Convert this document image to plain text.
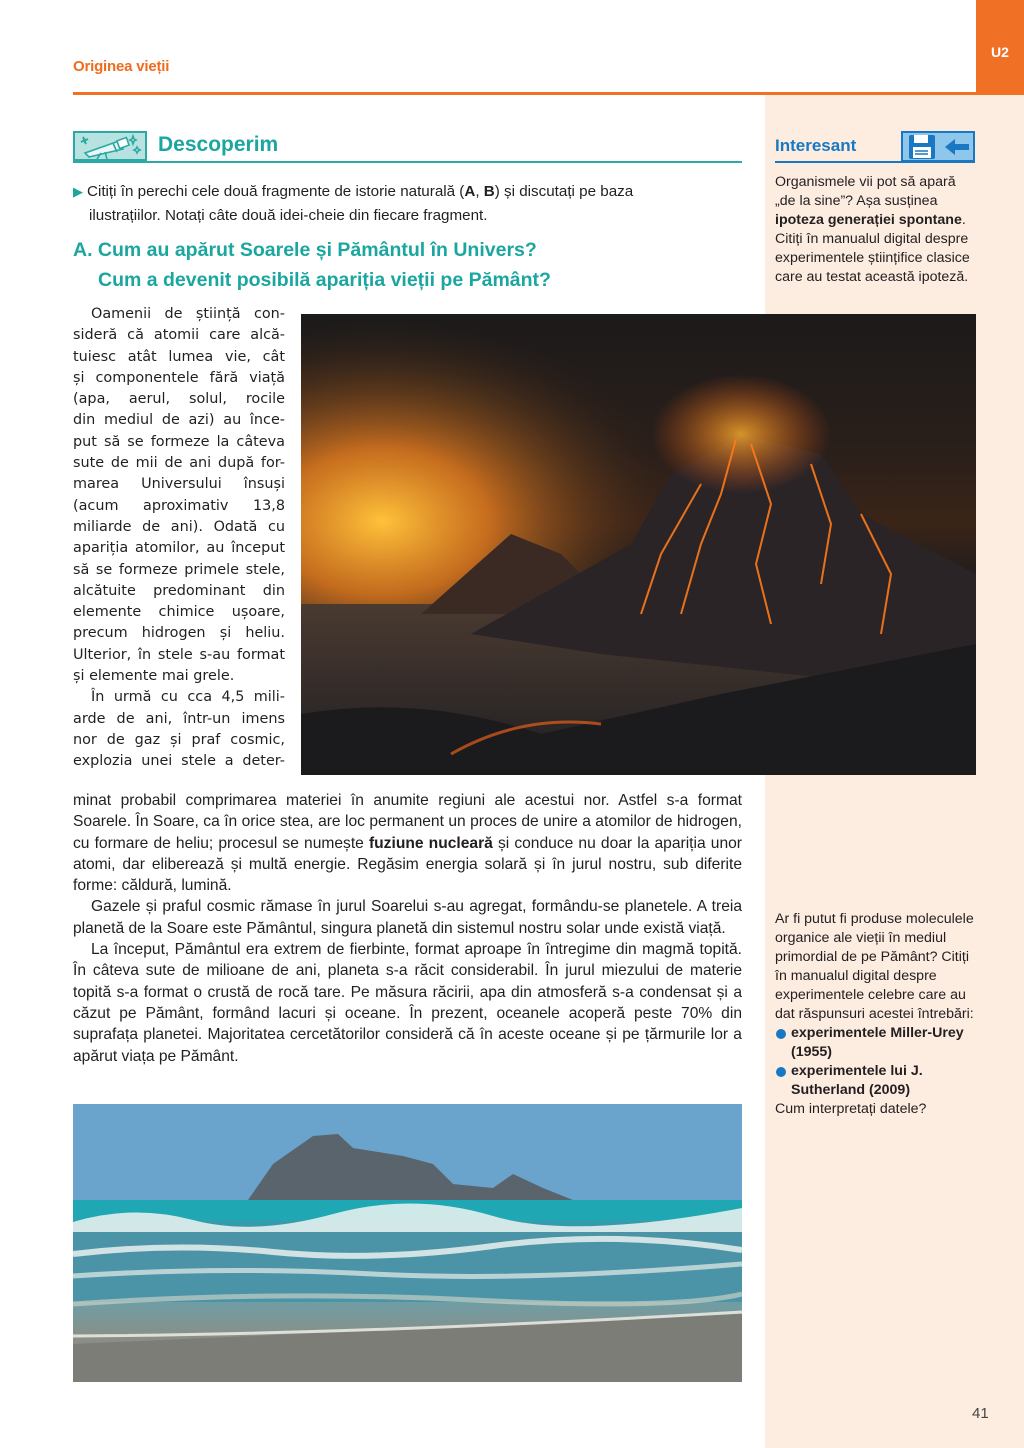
Originea vieții
U2
Descoperim
▶ Citiți în perechi cele două fragmente de istorie naturală (A, B) și discutați pe baza
ilustrațiilor. Notați câte două idei-cheie din fiecare fragment.
A. Cum au apărut Soarele și Pământul în Univers?
Cum a devenit posibilă apariția vieții pe Pământ?
Oamenii de știință con-
sideră că atomii care alcă-
tuiesc atât lumea vie, cât
și componentele fără viață
(apa, aerul, solul, rocile
din mediul de azi) au înce-
put să se formeze la câteva
sute de mii de ani după for-
marea Universului însuși
(acum aproximativ 13,8
miliarde de ani). Odată cu
apariția atomilor, au început
să se formeze primele stele,
alcătuite predominant din
elemente chimice ușoare,
precum hidrogen și heliu.
Ulterior, în stele s-au format
și elemente mai grele.
În urmă cu cca 4,5 mili-
arde de ani, într-un imens
nor de gaz și praf cosmic,
explozia unei stele a deter-

minat probabil comprimarea materiei în anumite regiuni ale acestui nor. Astfel s-a format Soarele. În Soare, ca în orice stea, are loc permanent un proces de unire a atomilor de hidrogen, cu formare de heliu; procesul se numește fuziune nucleară și conduce nu doar la apariția unor atomi, dar eliberează și multă energie. Regăsim energia solară și în jurul nostru, sub diferite forme: căldură, lumină.

Gazele și praful cosmic rămase în jurul Soarelui s-au agregat, formându-se planetele. A treia planetă de la Soare este Pământul, singura planetă din sistemul nostru solar unde există viață.

La început, Pământul era extrem de fierbinte, format aproape în întregime din magmă topită. În câteva sute de milioane de ani, planeta s-a răcit considerabil. În jurul miezului de materie topită s-a format o crustă de rocă tare. Pe măsura răcirii, apa din atmosferă s-a condensat și a căzut pe Pământ, formând lacuri și oceane. În prezent, oceanele acoperă peste 70% din suprafața planetei. Majoritatea cercetătorilor consideră că în aceste oceane și pe țărmurile lor a apărut viața pe Pământ.

Interesant
Organismele vii pot să apară „de la sine”? Așa susținea ipoteza generației spontane. Citiți în manualul digital despre experimentele științifice clasice care au testat această ipoteză.
Ar fi putut fi produse moleculele organice ale vieții în mediul primordial de pe Pământ? Citiți în manualul digital despre experimentele celebre care au dat răspunsuri acestei întrebări:
experimentele Miller-Urey (1955)
experimentele lui J. Sutherland (2009)
Cum interpretați datele?
41
